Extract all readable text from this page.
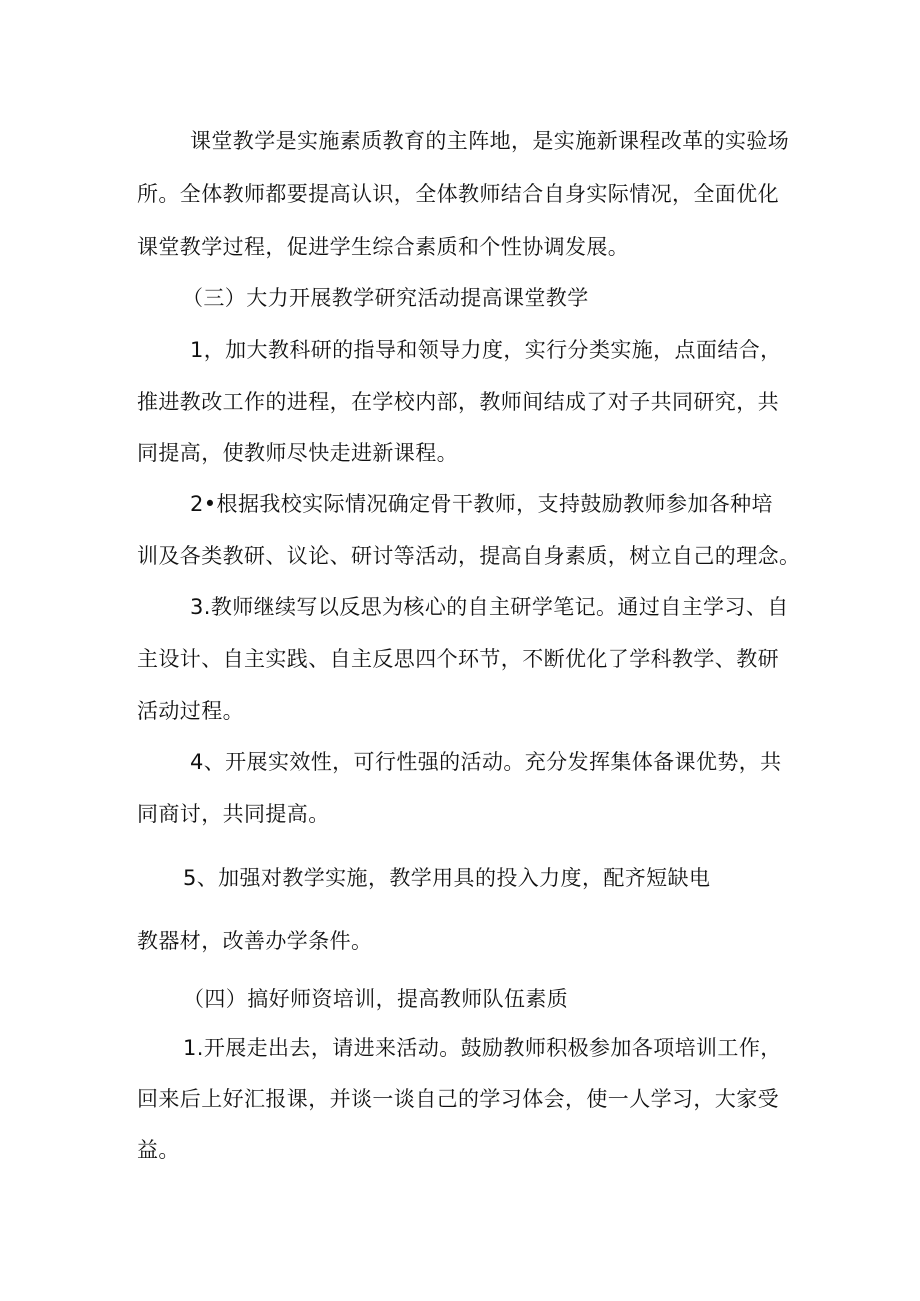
课堂教学是实施素质教育的主阵地，是实施新课程改革的实验场
所。全体教师都要提高认识，全体教师结合自身实际情况，全面优化
课堂教学过程，促进学生综合素质和个性协调发展。
（三）大力开展教学研究活动提高课堂教学
1，加大教科研的指导和领导力度，实行分类实施，点面结合，
推进教改工作的进程，在学校内部，教师间结成了对子共同研究，共
同提高，使教师尽快走进新课程。
2•根据我校实际情况确定骨干教师，支持鼓励教师参加各种培
训及各类教研、议论、研讨等活动，提高自身素质，树立自己的理念。
3.教师继续写以反思为核心的自主研学笔记。通过自主学习、自
主设计、自主实践、自主反思四个环节，不断优化了学科教学、教研
活动过程。
4、开展实效性，可行性强的活动。充分发挥集体备课优势，共
同商讨，共同提高。
5、加强对教学实施，教学用具的投入力度，配齐短缺电
教器材，改善办学条件。
（四）搞好师资培训，提高教师队伍素质
1.开展走出去，请进来活动。鼓励教师积极参加各项培训工作，
回来后上好汇报课，并谈一谈自己的学习体会，使一人学习，大家受
益。
